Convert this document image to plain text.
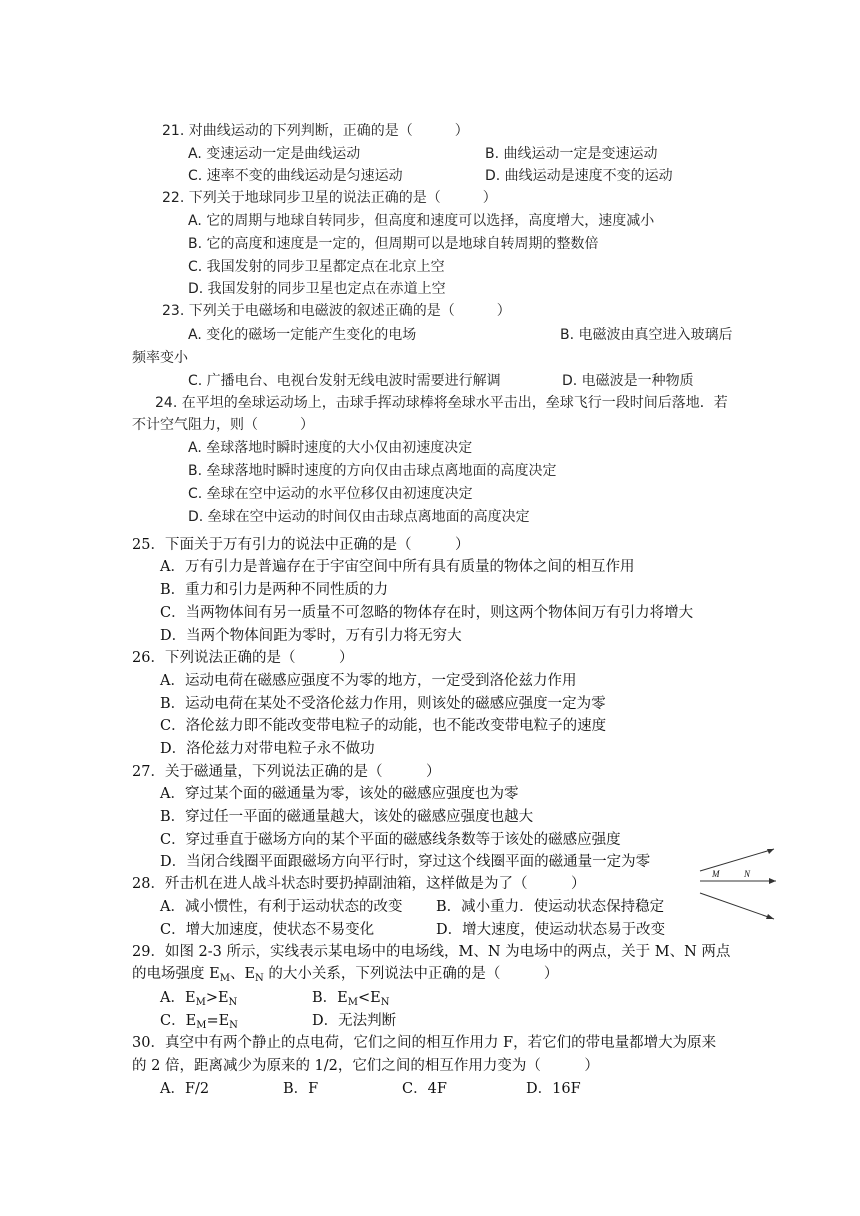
21. 对曲线运动的下列判断，正确的是（　　　）
A. 变速运动一定是曲线运动	B. 曲线运动一定是变速运动
C. 速率不变的曲线运动是匀速运动	D. 曲线运动是速度不变的运动
22. 下列关于地球同步卫星的说法正确的是（　　　）
A. 它的周期与地球自转同步，但高度和速度可以选择，高度增大，速度减小
B. 它的高度和速度是一定的，但周期可以是地球自转周期的整数倍
C. 我国发射的同步卫星都定点在北京上空
D. 我国发射的同步卫星也定点在赤道上空
23. 下列关于电磁场和电磁波的叙述正确的是（　　　）
A. 变化的磁场一定能产生变化的电场	B. 电磁波由真空进入玻璃后
频率变小
C. 广播电台、电视台发射无线电波时需要进行解调	D. 电磁波是一种物质
24. 在平坦的垒球运动场上，击球手挥动球棒将垒球水平击出，垒球飞行一段时间后落地．若
不计空气阻力，则（　　　）
A. 垒球落地时瞬时速度的大小仅由初速度决定
B. 垒球落地时瞬时速度的方向仅由击球点离地面的高度决定
C. 垒球在空中运动的水平位移仅由初速度决定
D. 垒球在空中运动的时间仅由击球点离地面的高度决定
25．下面关于万有引力的说法中正确的是（　　　）
A．万有引力是普遍存在于宇宙空间中所有具有质量的物体之间的相互作用
B．重力和引力是两种不同性质的力
C．当两物体间有另一质量不可忽略的物体存在时，则这两个物体间万有引力将增大
D．当两个物体间距为零时，万有引力将无穷大
26．下列说法正确的是（　　　）
A．运动电荷在磁感应强度不为零的地方，一定受到洛伦兹力作用
B．运动电荷在某处不受洛伦兹力作用，则该处的磁感应强度一定为零
C．洛伦兹力即不能改变带电粒子的动能，也不能改变带电粒子的速度
D．洛伦兹力对带电粒子永不做功
27．关于磁通量，下列说法正确的是（　　　）
A．穿过某个面的磁通量为零，该处的磁感应强度也为零
B．穿过任一平面的磁通量越大，该处的磁感应强度也越大
C．穿过垂直于磁场方向的某个平面的磁感线条数等于该处的磁感应强度
D．当闭合线圈平面跟磁场方向平行时，穿过这个线圈平面的磁通量一定为零
M	N
28．歼击机在进人战斗状态时要扔掉副油箱，这样做是为了（　　　）
A．减小惯性，有利于运动状态的改变 B．减小重力．使运动状态保持稳定
C．增大加速度，使状态不易变化	D．增大速度，使运动状态易于改变
29．如图 2-3 所示，实线表示某电场中的电场线，M、N 为电场中的两点，关于 M、N 两点
的电场强度 $E_M$、$E_N$ 的大小关系，下列说法中正确的是（　　　）
A．$E_M>E_N$	B．$E_M<E_N$
C．$E_M=E_N$	D．无法判断
30．真空中有两个静止的点电荷，它们之间的相互作用力 F，若它们的带电量都增大为原来
的 2 倍，距离减少为原来的 1/2，它们之间的相互作用力变为（　　　）
A．F/2	B．F	C．4F	D．16F
